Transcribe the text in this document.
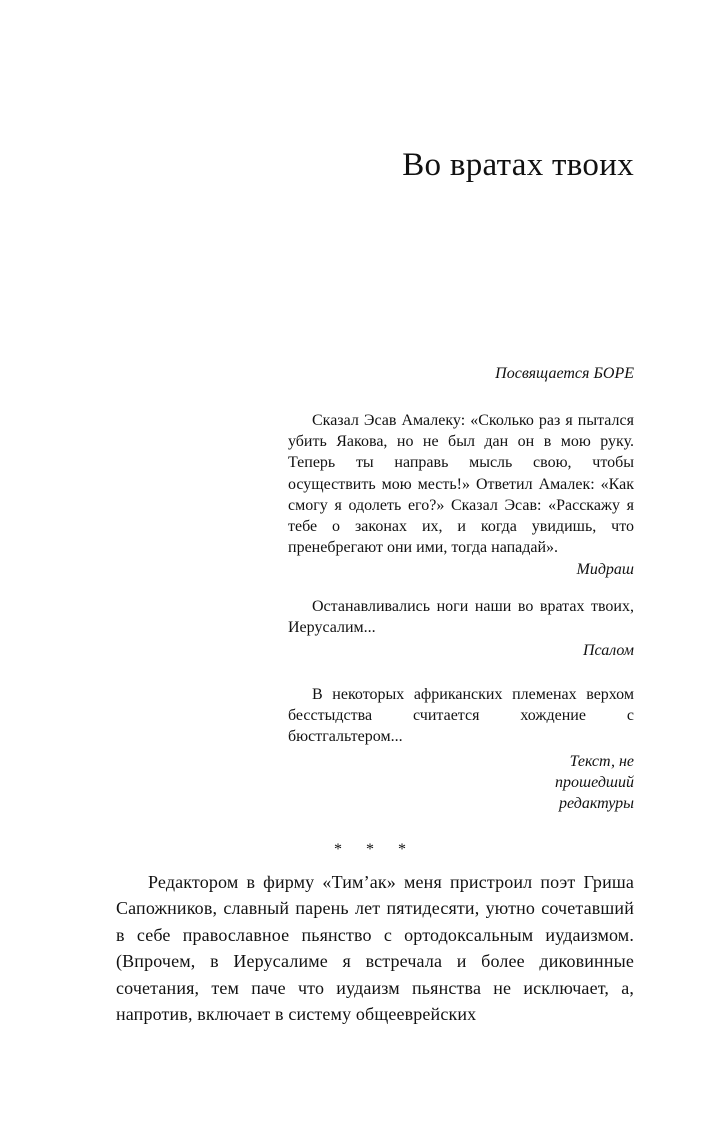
Во вратах твоих
Посвящается БОРЕ

Сказал Эсав Амалеку: «Сколько раз я пытался убить Яакова, но не был дан он в мою руку. Теперь ты направь мысль свою, чтобы осуществить мою месть!» Ответил Амалек: «Как смогу я одолеть его?» Сказал Эсав: «Расскажу я тебе о законах их, и когда увидишь, что пренебрегают они ими, тогда нападай».

Мидраш

Останавливались ноги наши во вратах твоих, Иерусалим...

Псалом

В некоторых африканских племенах верхом бесстыдства считается хождение с бюстгальтером...

Текст, не прошедший редактуры

* * *

Редактором в фирму «Тим’ак» меня пристроил поэт Гриша Сапожников, славный парень лет пятидесяти, уютно сочетавший в себе православное пьянство с ортодоксальным иудаизмом. (Впрочем, в Иерусалиме я встречала и более диковинные сочетания, тем паче что иудаизм пьянства не исключает, а, напротив, включает в систему общееврейских
